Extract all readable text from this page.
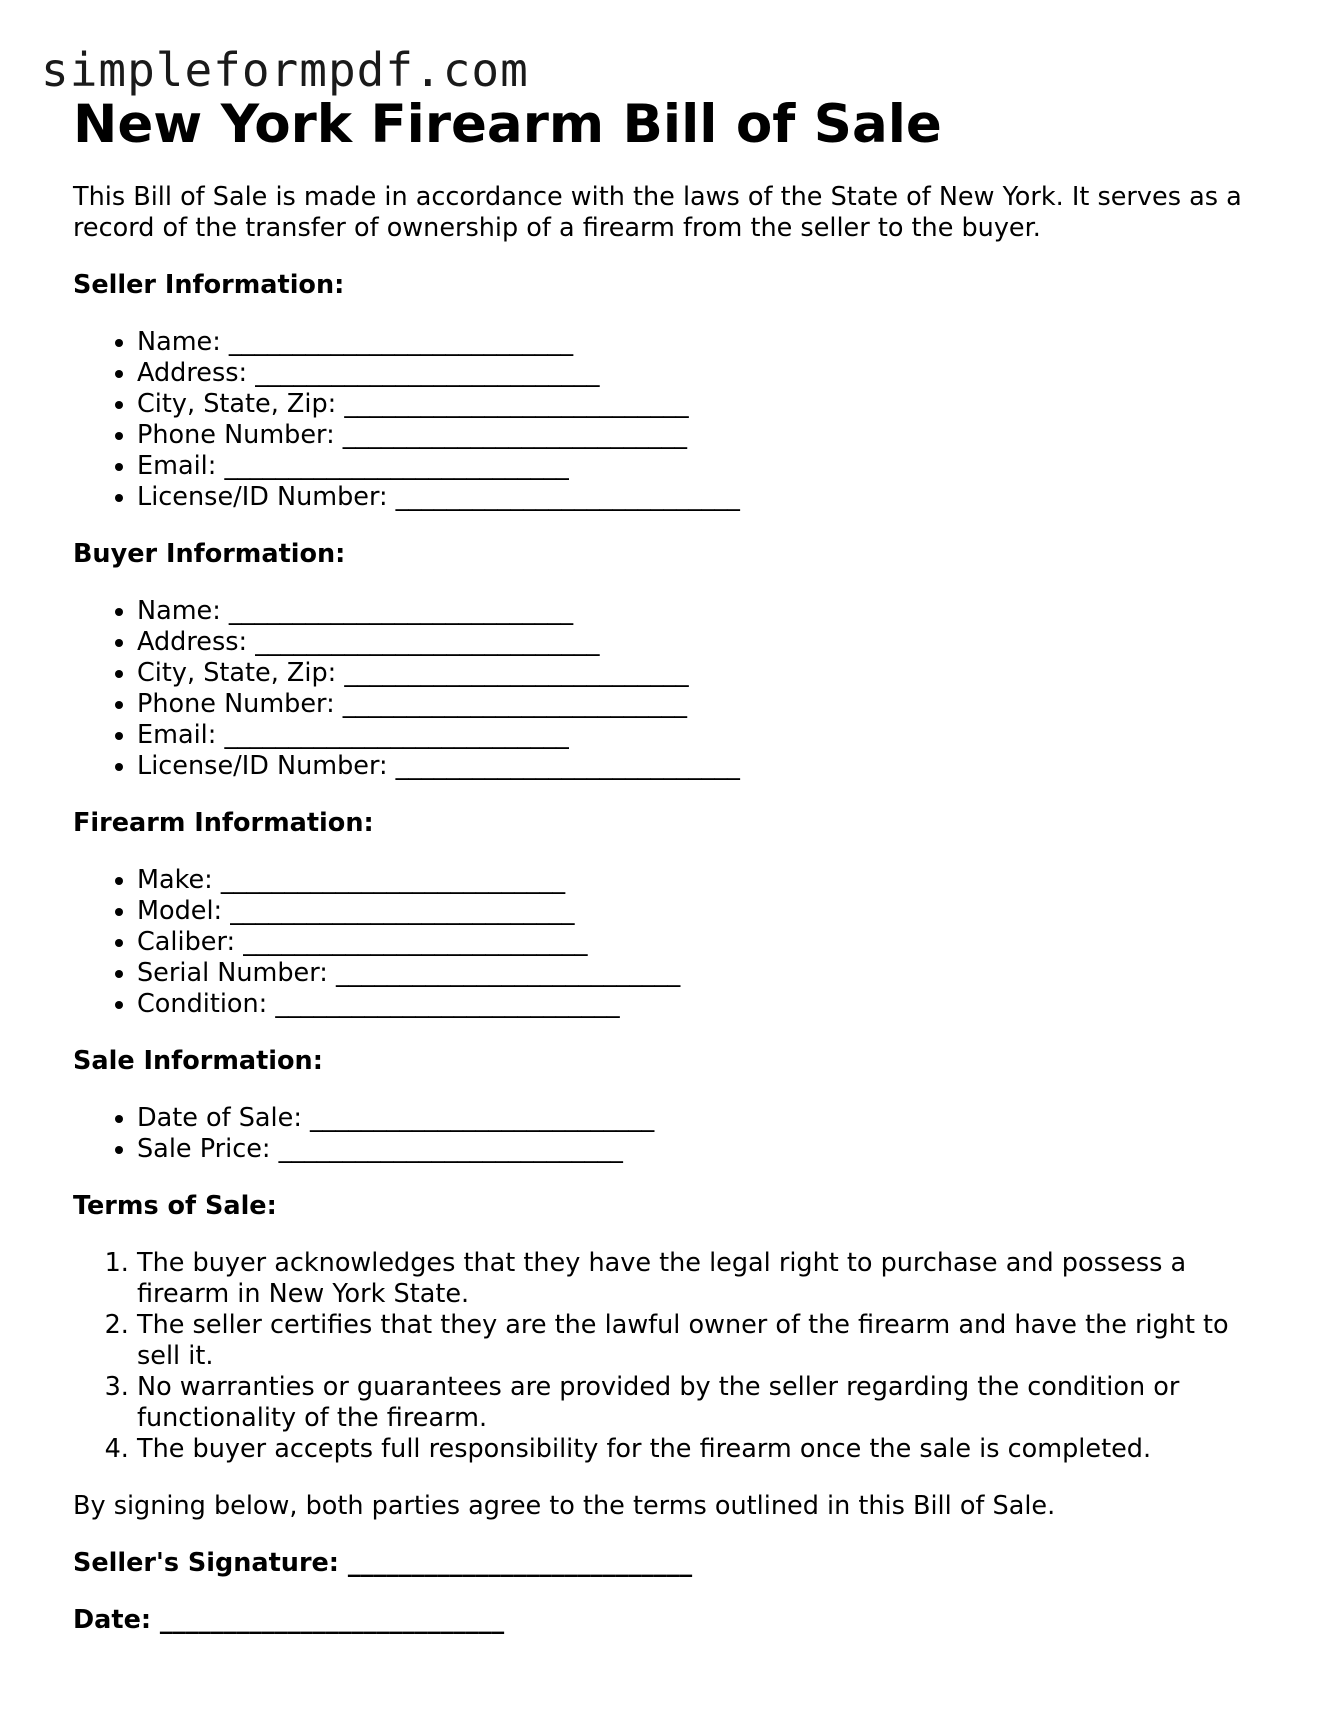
simpleformpdf.com
New York Firearm Bill of Sale

This Bill of Sale is made in accordance with the laws of the State of New York. It serves as a record of the transfer of ownership of a firearm from the seller to the buyer.

Seller Information:

• Name: ___________________________
• Address: ___________________________
• City, State, Zip: ___________________________
• Phone Number: ___________________________
• Email: ___________________________
• License/ID Number: ___________________________

Buyer Information:

• Name: ___________________________
• Address: ___________________________
• City, State, Zip: ___________________________
• Phone Number: ___________________________
• Email: ___________________________
• License/ID Number: ___________________________

Firearm Information:

• Make: ___________________________
• Model: ___________________________
• Caliber: ___________________________
• Serial Number: ___________________________
• Condition: ___________________________

Sale Information:

• Date of Sale: ___________________________
• Sale Price: ___________________________

Terms of Sale:

1. The buyer acknowledges that they have the legal right to purchase and possess a firearm in New York State.
2. The seller certifies that they are the lawful owner of the firearm and have the right to sell it.
3. No warranties or guarantees are provided by the seller regarding the condition or functionality of the firearm.
4. The buyer accepts full responsibility for the firearm once the sale is completed.

By signing below, both parties agree to the terms outlined in this Bill of Sale.

Seller's Signature: ___________________________

Date: ___________________________
